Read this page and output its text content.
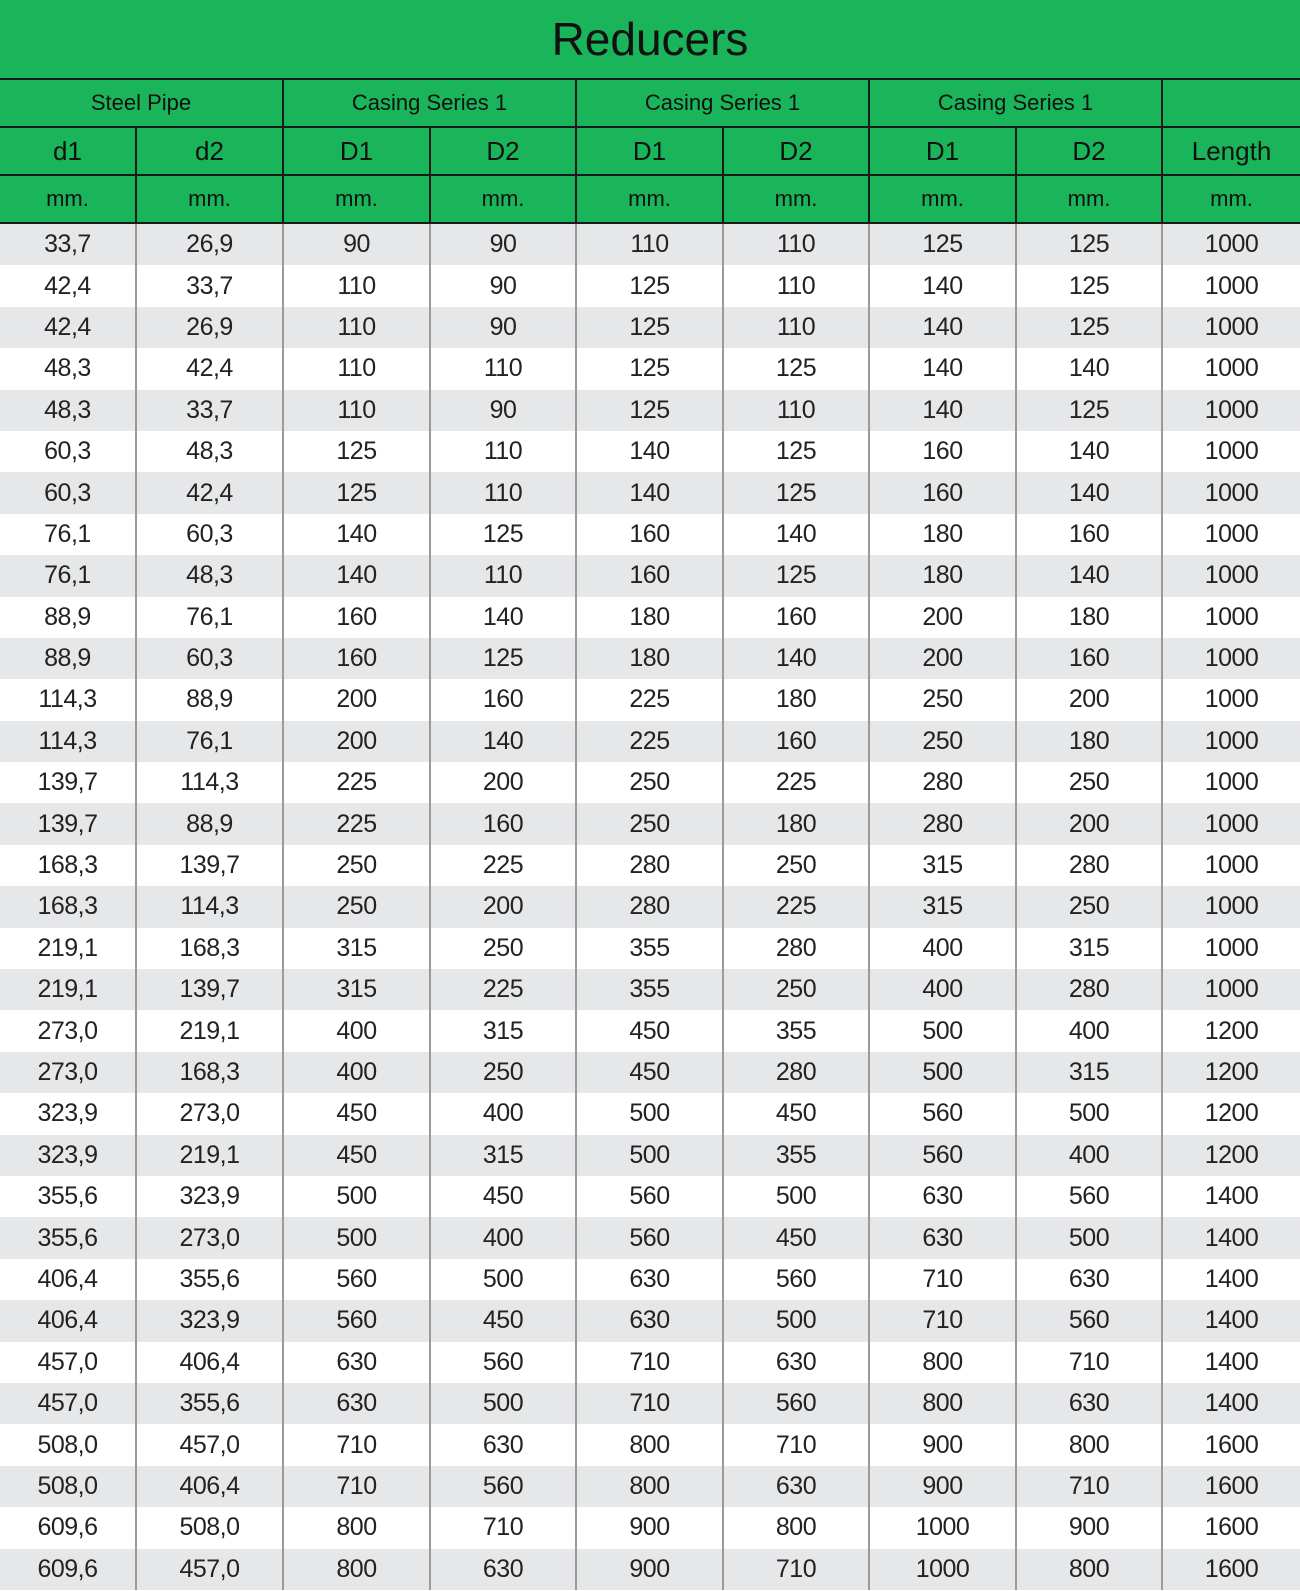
Reducers
Steel Pipe		Casing Series 1		Casing Series 1		Casing Series 1		
d1	d2	D1	D2	D1	D2	D1	D2	Length
mm.	mm.	mm.	mm.	mm.	mm.	mm.	mm.	mm.
33,7	26,9	90	90	110	110	125	125	1000
42,4	33,7	110	90	125	110	140	125	1000
42,4	26,9	110	90	125	110	140	125	1000
48,3	42,4	110	110	125	125	140	140	1000
48,3	33,7	110	90	125	110	140	125	1000
60,3	48,3	125	110	140	125	160	140	1000
60,3	42,4	125	110	140	125	160	140	1000
76,1	60,3	140	125	160	140	180	160	1000
76,1	48,3	140	110	160	125	180	140	1000
88,9	76,1	160	140	180	160	200	180	1000
88,9	60,3	160	125	180	140	200	160	1000
114,3	88,9	200	160	225	180	250	200	1000
114,3	76,1	200	140	225	160	250	180	1000
139,7	114,3	225	200	250	225	280	250	1000
139,7	88,9	225	160	250	180	280	200	1000
168,3	139,7	250	225	280	250	315	280	1000
168,3	114,3	250	200	280	225	315	250	1000
219,1	168,3	315	250	355	280	400	315	1000
219,1	139,7	315	225	355	250	400	280	1000
273,0	219,1	400	315	450	355	500	400	1200
273,0	168,3	400	250	450	280	500	315	1200
323,9	273,0	450	400	500	450	560	500	1200
323,9	219,1	450	315	500	355	560	400	1200
355,6	323,9	500	450	560	500	630	560	1400
355,6	273,0	500	400	560	450	630	500	1400
406,4	355,6	560	500	630	560	710	630	1400
406,4	323,9	560	450	630	500	710	560	1400
457,0	406,4	630	560	710	630	800	710	1400
457,0	355,6	630	500	710	560	800	630	1400
508,0	457,0	710	630	800	710	900	800	1600
508,0	406,4	710	560	800	630	900	710	1600
609,6	508,0	800	710	900	800	1000	900	1600
609,6	457,0	800	630	900	710	1000	800	1600
